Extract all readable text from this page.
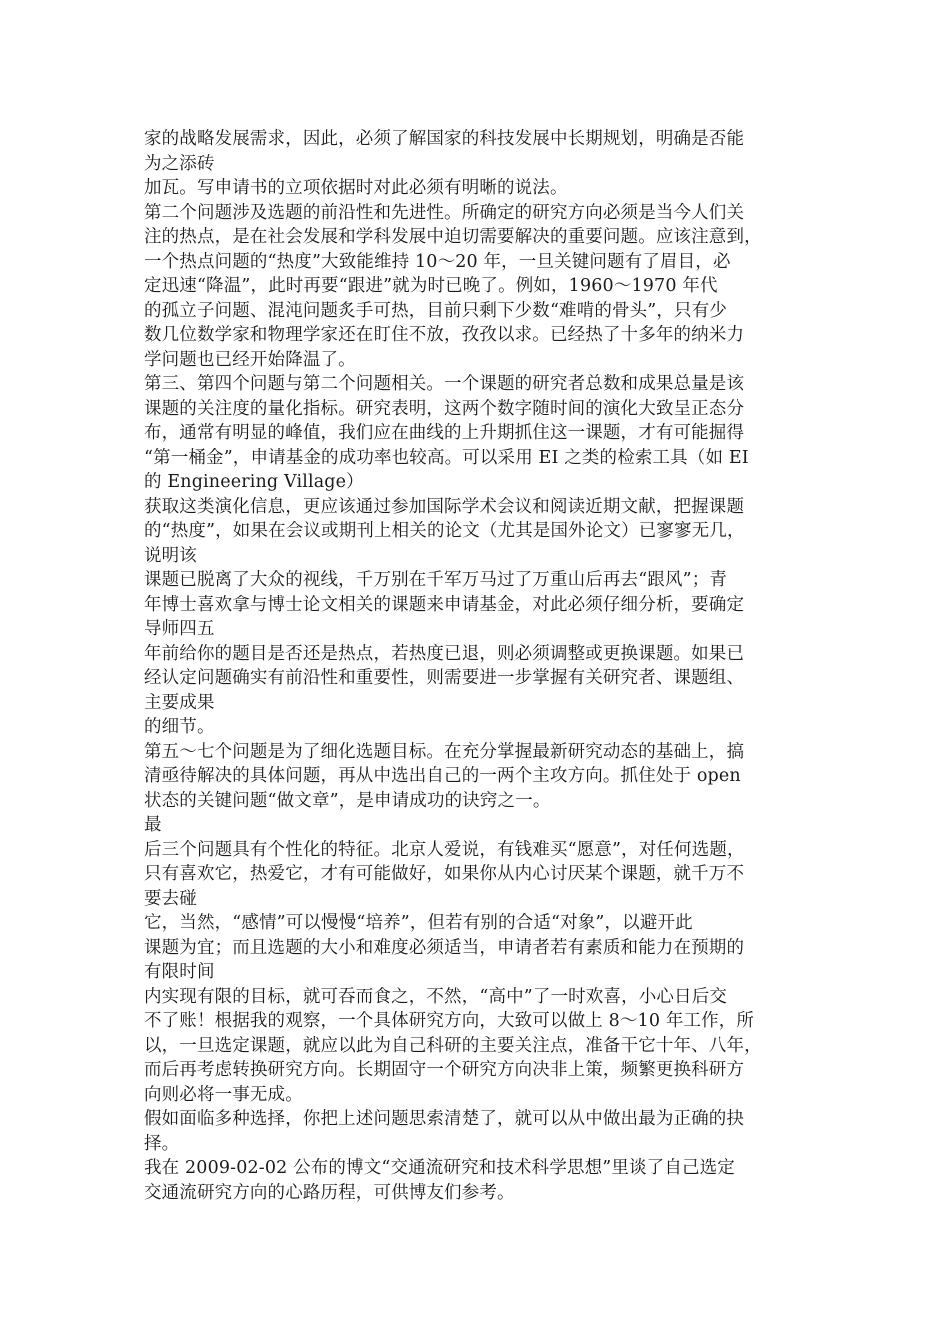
家的战略发展需求，因此，必须了解国家的科技发展中长期规划，明确是否能
为之添砖
加瓦。写申请书的立项依据时对此必须有明晰的说法。
第二个问题涉及选题的前沿性和先进性。所确定的研究方向必须是当今人们关
注的热点，是在社会发展和学科发展中迫切需要解决的重要问题。应该注意到，
一个热点问题的“热度”大致能维持 10～20 年，一旦关键问题有了眉目，必
定迅速“降温”，此时再要“跟进”就为时已晚了。例如，1960～1970 年代
的孤立子问题、混沌问题炙手可热，目前只剩下少数“难啃的骨头”，只有少
数几位数学家和物理学家还在盯住不放，孜孜以求。已经热了十多年的纳米力
学问题也已经开始降温了。
第三、第四个问题与第二个问题相关。一个课题的研究者总数和成果总量是该
课题的关注度的量化指标。研究表明，这两个数字随时间的演化大致呈正态分
布，通常有明显的峰值，我们应在曲线的上升期抓住这一课题，才有可能掘得
“第一桶金”，申请基金的成功率也较高。可以采用 EI 之类的检索工具（如 EI
的 Engineering Village）
获取这类演化信息，更应该通过参加国际学术会议和阅读近期文献，把握课题
的“热度”，如果在会议或期刊上相关的论文（尤其是国外论文）已寥寥无几，
说明该
课题已脱离了大众的视线，千万别在千军万马过了万重山后再去“跟风”；青
年博士喜欢拿与博士论文相关的课题来申请基金，对此必须仔细分析，要确定
导师四五
年前给你的题目是否还是热点，若热度已退，则必须调整或更换课题。如果已
经认定问题确实有前沿性和重要性，则需要进一步掌握有关研究者、课题组、
主要成果
的细节。
第五～七个问题是为了细化选题目标。在充分掌握最新研究动态的基础上，搞
清亟待解决的具体问题，再从中选出自己的一两个主攻方向。抓住处于 open
状态的关键问题“做文章”，是申请成功的诀窍之一。
最
后三个问题具有个性化的特征。北京人爱说，有钱难买“愿意”，对任何选题，
只有喜欢它，热爱它，才有可能做好，如果你从内心讨厌某个课题，就千万不
要去碰
它，当然，“感情”可以慢慢“培养”，但若有别的合适“对象”，以避开此
课题为宜；而且选题的大小和难度必须适当，申请者若有素质和能力在预期的
有限时间
内实现有限的目标，就可吞而食之，不然，“高中”了一时欢喜，小心日后交
不了账！根据我的观察，一个具体研究方向，大致可以做上 8～10 年工作，所
以，一旦选定课题，就应以此为自己科研的主要关注点，准备干它十年、八年，
而后再考虑转换研究方向。长期固守一个研究方向决非上策，频繁更换科研方
向则必将一事无成。
假如面临多种选择，你把上述问题思索清楚了，就可以从中做出最为正确的抉
择。
我在 2009-02-02 公布的博文“交通流研究和技术科学思想”里谈了自己选定
交通流研究方向的心路历程，可供博友们参考。
